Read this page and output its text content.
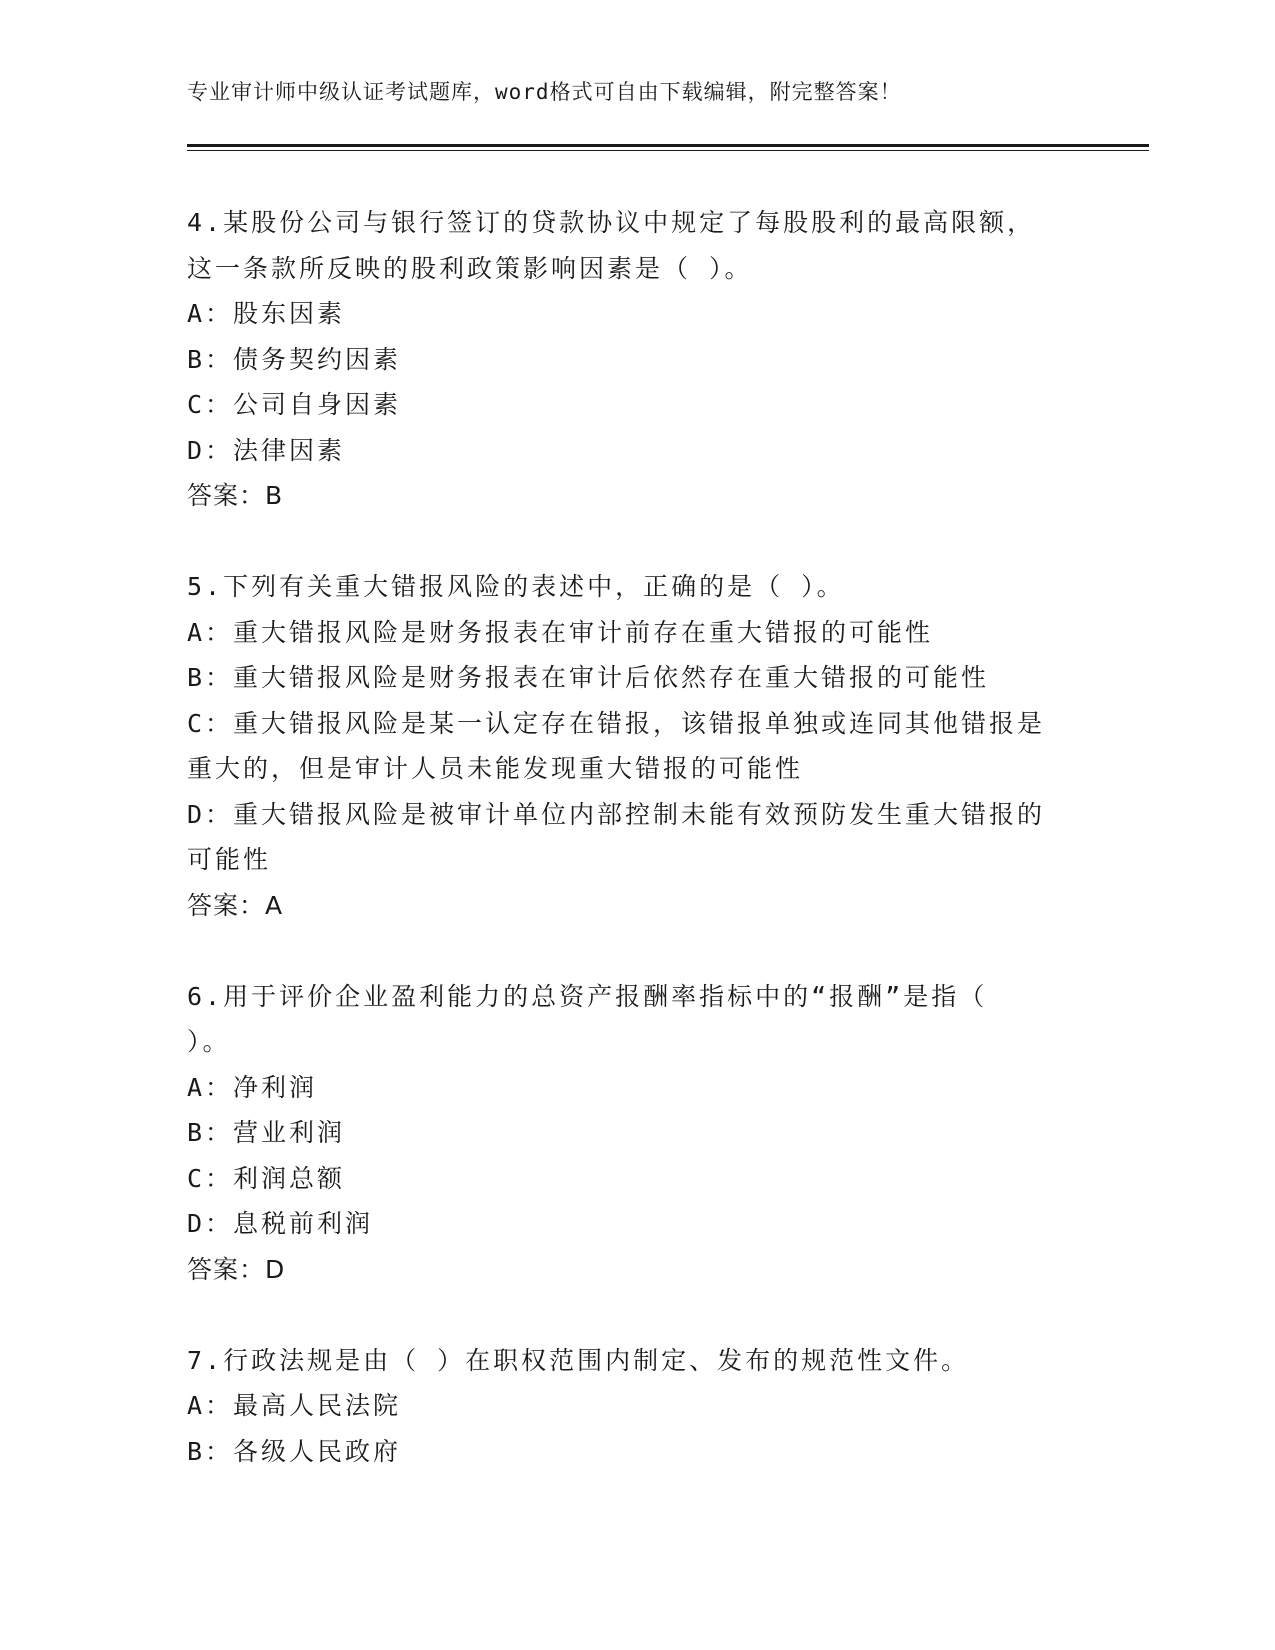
专业审计师中级认证考试题库，word格式可自由下载编辑，附完整答案！
4.某股份公司与银行签订的贷款协议中规定了每股股利的最高限额，
这一条款所反映的股利政策影响因素是（ ）。
A：股东因素
B：债务契约因素
C：公司自身因素
D：法律因素
答案：B
5.下列有关重大错报风险的表述中，正确的是（ ）。
A：重大错报风险是财务报表在审计前存在重大错报的可能性
B：重大错报风险是财务报表在审计后依然存在重大错报的可能性
C：重大错报风险是某一认定存在错报，该错报单独或连同其他错报是
重大的，但是审计人员未能发现重大错报的可能性
D：重大错报风险是被审计单位内部控制未能有效预防发生重大错报的
可能性
答案：A
6.用于评价企业盈利能力的总资产报酬率指标中的“报酬”是指（
）。
A：净利润
B：营业利润
C：利润总额
D：息税前利润
答案：D
7.行政法规是由（ ）在职权范围内制定、发布的规范性文件。
A：最高人民法院
B：各级人民政府
